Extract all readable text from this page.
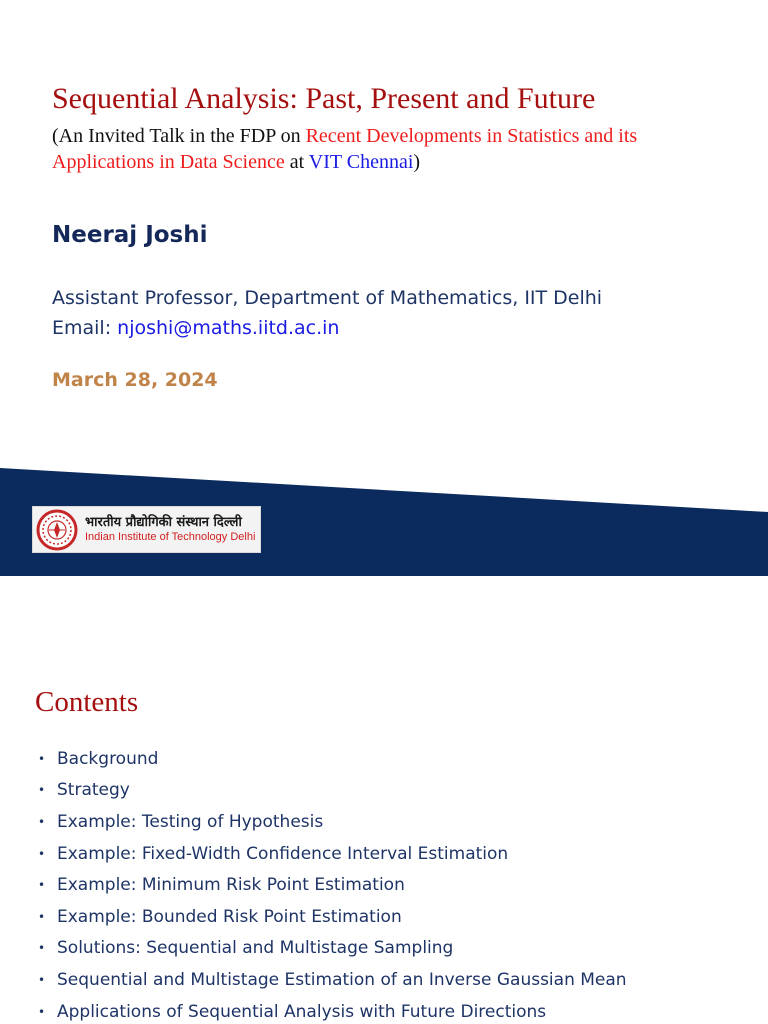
Sequential Analysis: Past, Present and Future
(An Invited Talk in the FDP on Recent Developments in Statistics and its Applications in Data Science at VIT Chennai)
Neeraj Joshi
Assistant Professor, Department of Mathematics, IIT Delhi
Email: njoshi@maths.iitd.ac.in
March 28, 2024
भारतीय प्रौद्योगिकी संस्थान दिल्ली
Indian Institute of Technology Delhi
Contents
• Background
• Strategy
• Example: Testing of Hypothesis
• Example: Fixed-Width Confidence Interval Estimation
• Example: Minimum Risk Point Estimation
• Example: Bounded Risk Point Estimation
• Solutions: Sequential and Multistage Sampling
• Sequential and Multistage Estimation of an Inverse Gaussian Mean
• Applications of Sequential Analysis with Future Directions
